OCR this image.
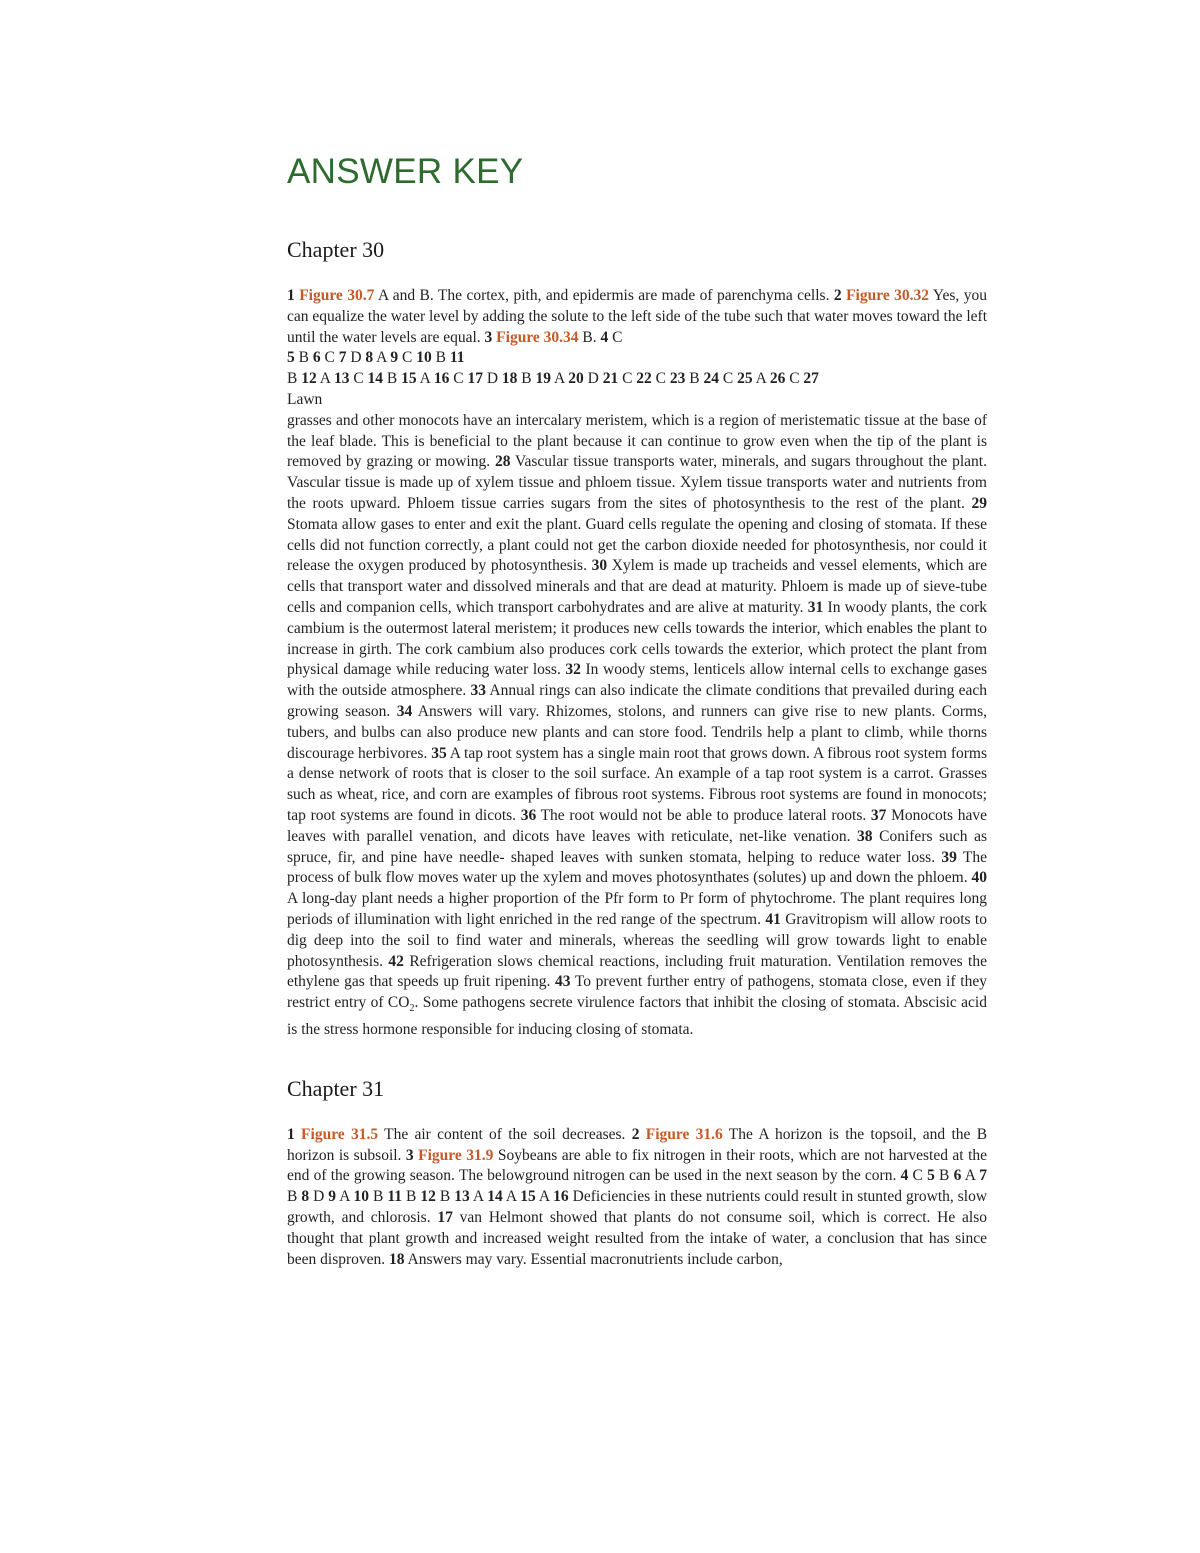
ANSWER KEY
Chapter 30

1 Figure 30.7 A and B. The cortex, pith, and epidermis are made of parenchyma cells. 2 Figure 30.32 Yes, you can equalize the water level by adding the solute to the left side of the tube such that water moves toward the left until the water levels are equal. 3 Figure 30.34 B. 4 C
5 B 6 C 7 D 8 A 9 C 10 B 11

B 12 A 13 C 14 B 15 A 16 C 17 D 18 B 19 A 20 D 21 C 22 C 23 B 24 C 25 A 26 C 27

Lawn

grasses and other monocots have an intercalary meristem, which is a region of meristematic tissue at the base of the leaf blade. This is beneficial to the plant because it can continue to grow even when the tip of the plant is removed by grazing or mowing. 28 Vascular tissue transports water, minerals, and sugars throughout the plant. Vascular tissue is made up of xylem tissue and phloem tissue. Xylem tissue transports water and nutrients from the roots upward. Phloem tissue carries sugars from the sites of photosynthesis to the rest of the plant. 29 Stomata allow gases to enter and exit the plant. Guard cells regulate the opening and closing of stomata. If these cells did not function correctly, a plant could not get the carbon dioxide needed for photosynthesis, nor could it release the oxygen produced by photosynthesis. 30 Xylem is made up tracheids and vessel elements, which are cells that transport water and dissolved minerals and that are dead at maturity. Phloem is made up of sieve-tube cells and companion cells, which transport carbohydrates and are alive at maturity. 31 In woody plants, the cork cambium is the outermost lateral meristem; it produces new cells towards the interior, which enables the plant to increase in girth. The cork cambium also produces cork cells towards the exterior, which protect the plant from physical damage while reducing water loss. 32 In woody stems, lenticels allow internal cells to exchange gases with the outside atmosphere. 33 Annual rings can also indicate the climate conditions that prevailed during each growing season. 34 Answers will vary. Rhizomes, stolons, and runners can give rise to new plants. Corms, tubers, and bulbs can also produce new plants and can store food. Tendrils help a plant to climb, while thorns discourage herbivores. 35 A tap root system has a single main root that grows down. A fibrous root system forms a dense network of roots that is closer to the soil surface. An example of a tap root system is a carrot. Grasses such as wheat, rice, and corn are examples of fibrous root systems. Fibrous root systems are found in monocots; tap root systems are found in dicots. 36 The root would not be able to produce lateral roots. 37 Monocots have leaves with parallel venation, and dicots have leaves with reticulate, net-like venation. 38 Conifers such as spruce, fir, and pine have needle- shaped leaves with sunken stomata, helping to reduce water loss. 39 The process of bulk flow moves water up the xylem and moves photosynthates (solutes) up and down the phloem. 40 A long-day plant needs a higher proportion of the Pfr form to Pr form of phytochrome. The plant requires long periods of illumination with light enriched in the red range of the spectrum. 41 Gravitropism will allow roots to dig deep into the soil to find water and minerals, whereas the seedling will grow towards light to enable photosynthesis. 42 Refrigeration slows chemical reactions, including fruit maturation. Ventilation removes the ethylene gas that speeds up fruit ripening. 43 To prevent further entry of pathogens, stomata close, even if they restrict entry of $CO_2$. Some pathogens secrete virulence factors that inhibit the closing of stomata. Abscisic acid is the stress hormone responsible for inducing closing of stomata.

Chapter 31

1 Figure 31.5 The air content of the soil decreases. 2 Figure 31.6 The A horizon is the topsoil, and the B horizon is subsoil. 3 Figure 31.9 Soybeans are able to fix nitrogen in their roots, which are not harvested at the end of the growing season. The belowground nitrogen can be used in the next season by the corn. 4 C 5 B 6 A 7 B 8 D 9 A 10 B 11 B 12 B 13 A 14 A 15 A 16 Deficiencies in these nutrients could result in stunted growth, slow growth, and chlorosis. 17 van Helmont showed that plants do not consume soil, which is correct. He also thought that plant growth and increased weight resulted from the intake of water, a conclusion that has since been disproven. 18 Answers may vary. Essential macronutrients include carbon,
